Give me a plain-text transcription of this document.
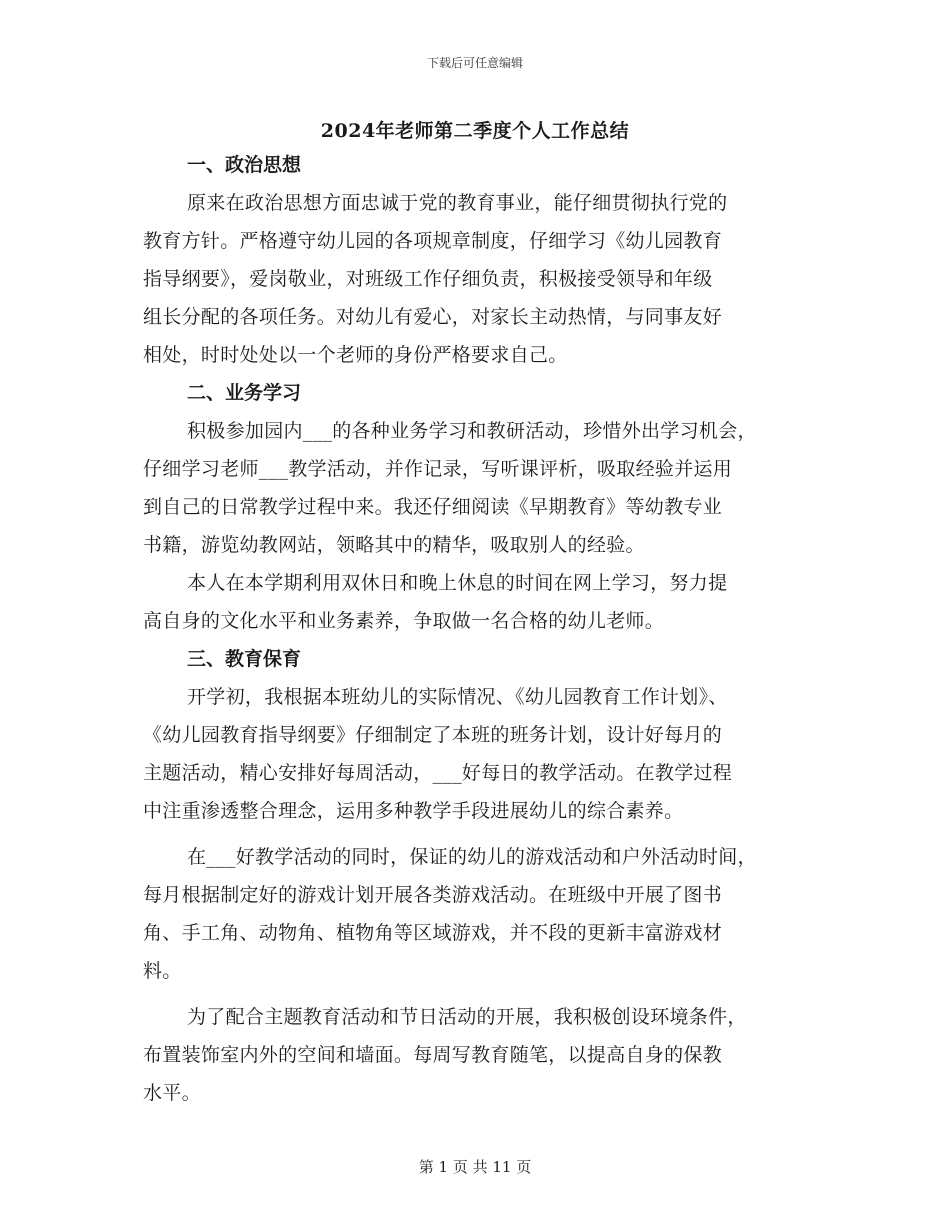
下载后可任意编辑
2024年老师第二季度个人工作总结
一、政治思想
原来在政治思想方面忠诚于党的教育事业，能仔细贯彻执行党的
教育方针。严格遵守幼儿园的各项规章制度，仔细学习《幼儿园教育
指导纲要》，爱岗敬业，对班级工作仔细负责，积极接受领导和年级
组长分配的各项任务。对幼儿有爱心，对家长主动热情，与同事友好
相处，时时处处以一个老师的身份严格要求自己。
二、业务学习
积极参加园内___的各种业务学习和教研活动，珍惜外出学习机会，
仔细学习老师___教学活动，并作记录，写听课评析，吸取经验并运用
到自己的日常教学过程中来。我还仔细阅读《早期教育》等幼教专业
书籍，游览幼教网站，领略其中的精华，吸取别人的经验。
本人在本学期利用双休日和晚上休息的时间在网上学习，努力提
高自身的文化水平和业务素养，争取做一名合格的幼儿老师。
三、教育保育
开学初，我根据本班幼儿的实际情况、《幼儿园教育工作计划》、
《幼儿园教育指导纲要》仔细制定了本班的班务计划，设计好每月的
主题活动，精心安排好每周活动，___好每日的教学活动。在教学过程
中注重渗透整合理念，运用多种教学手段进展幼儿的综合素养。
在___好教学活动的同时，保证的幼儿的游戏活动和户外活动时间，
每月根据制定好的游戏计划开展各类游戏活动。在班级中开展了图书
角、手工角、动物角、植物角等区域游戏，并不段的更新丰富游戏材
料。
为了配合主题教育活动和节日活动的开展，我积极创设环境条件，
布置装饰室内外的空间和墙面。每周写教育随笔，以提高自身的保教
水平。
第 1 页 共 11 页
